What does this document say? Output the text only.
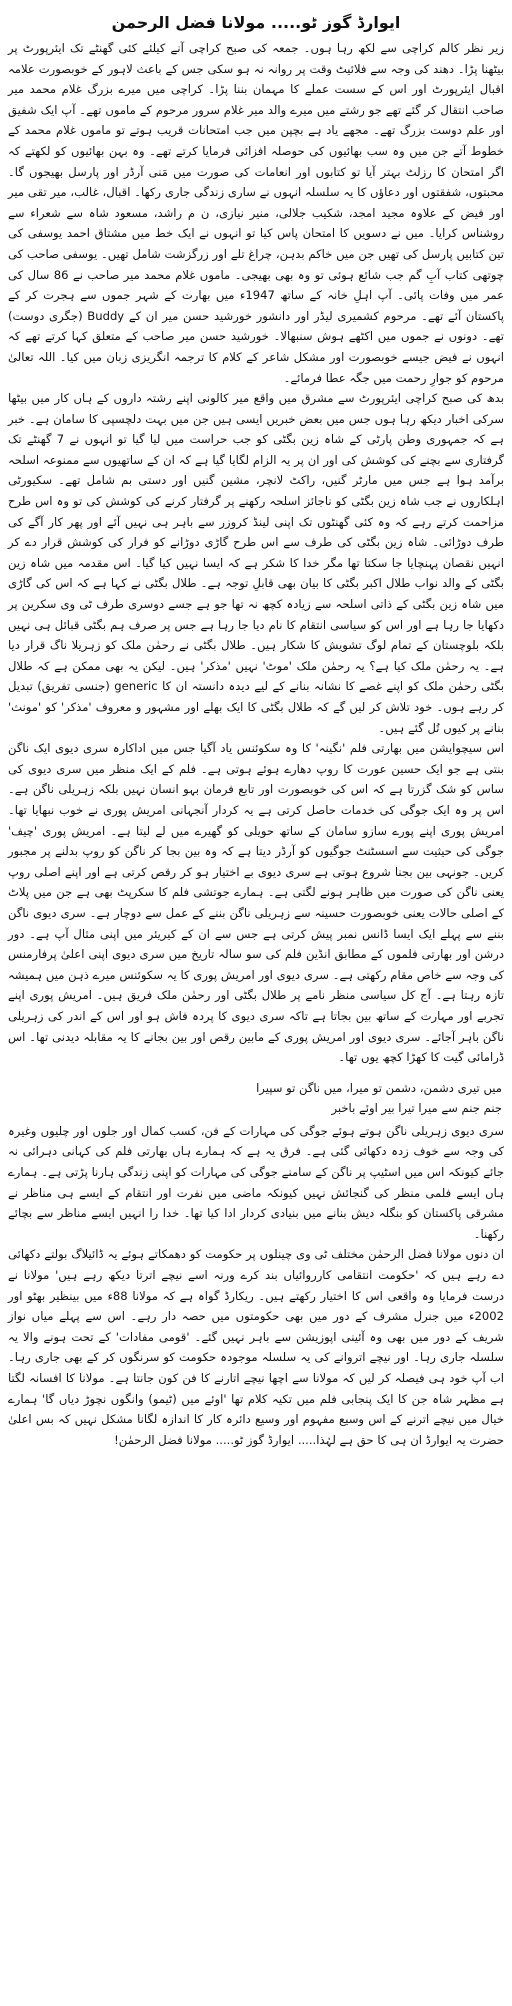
ایوارڈ گوز ٹو..... مولانا فضل الرحمن

زیر نظر کالم کراچی سے لکھ رہا ہوں۔ جمعہ کی صبح کراچی آنے کیلئے کئی گھنٹے تک ایئرپورٹ پر بیٹھنا پڑا۔ دھند کی وجہ سے فلائیٹ وقت پر روانہ نہ ہو سکی جس کے باعث لاہور کے خوبصورت علامہ اقبال ایئرپورٹ اور اس کے سست عملے کا مہمان بننا پڑا۔ کراچی میں میرے بزرگ غلام محمد میر صاحب انتقال کر گئے تھے جو رشتے میں میرے والد میر غلام سرور مرحوم کے ماموں تھے۔ آپ ایک شفیق اور علم دوست بزرگ تھے۔ مجھے یاد ہے بچپن میں جب امتحانات قریب ہوتے تو ماموں غلام محمد کے خطوط آتے جن میں وہ سب بھائیوں کی حوصلہ افزائی فرمایا کرتے تھے۔ وہ بہن بھائیوں کو لکھتے کہ اگر امتحان کا رزلٹ بہتر آیا تو کتابوں اور انعامات کی صورت میں مَنی آرڈر اور پارسل بھیجوں گا۔ محبتوں، شفقتوں اور دعاؤں کا یہ سلسلہ انہوں نے ساری زندگی جاری رکھا۔ اقبال، غالب، میر تقی میر اور فیض کے علاوہ مجید امجد، شکیب جلالی، منیر نیازی، ن م راشد، مسعود شاہ سے شعراء سے روشناس کرایا۔ میں نے دسویں کا امتحان پاس کیا تو انہوں نے ایک خط میں مشتاق احمد یوسفی کی تین کتابیں پارسل کی تھیں جن میں خاکم بدہن، چراغ تلے اور زرگزشت شامل تھیں۔ یوسفی صاحب کی چوتھی کتاب آبِ گم جب شائع ہوئی تو وہ بھی بھیجی۔ ماموں غلام محمد میر صاحب نے 86 سال کی عمر میں وفات پائی۔ آپ اہلِ خانہ کے ساتھ 1947ء میں بھارت کے شہر جموں سے ہجرت کر کے پاکستان آئے تھے۔ مرحوم کشمیری لیڈر اور دانشور خورشید حسن میر ان کے Buddy (جگری دوست) تھے۔ دونوں نے جموں میں اکٹھے ہوش سنبھالا۔ خورشید حسن میر صاحب کے متعلق کہا کرتے تھے کہ انہوں نے فیض جیسے خوبصورت اور مشکل شاعر کے کلام کا ترجمہ انگریزی زبان میں کیا۔ اللہ تعالیٰ مرحوم کو جوارِ رحمت میں جگہ عطا فرمائے۔

بدھ کی صبح کراچی ایئرپورٹ سے مشرق میں واقع میر کالونی اپنے رشتہ داروں کے ہاں کار میں بیٹھا سرکی اخبار دیکھ رہا ہوں جس میں بعض خبریں ایسی ہیں جن میں بہت دلچسپی کا سامان ہے۔ خبر ہے کہ جمہوری وطن پارٹی کے شاہ زین بگٹی کو جب حراست میں لیا گیا تو انہوں نے 7 گھنٹے تک گرفتاری سے بچنے کی کوشش کی اور ان پر یہ الزام لگایا گیا ہے کہ ان کے ساتھیوں سے ممنوعہ اسلحہ برآمد ہوا ہے جس میں مارٹر گنیں، راکٹ لانچر، مشین گنیں اور دستی بم شامل تھے۔ سکیورٹی اہلکاروں نے جب شاہ زین بگٹی کو ناجائز اسلحہ رکھنے پر گرفتار کرنے کی کوشش کی تو وہ اس طرح مزاحمت کرتے رہے کہ وہ کئی گھنٹوں تک اپنی لینڈ کروزر سے باہر ہی نہیں آئے اور پھر کار آگے کی طرف دوڑائی۔ شاہ زین بگٹی کی طرف سے اس طرح گاڑی دوڑانے کو فرار کی کوشش قرار دے کر انہیں نقصان پہنچایا جا سکتا تھا مگر خدا کا شکر ہے کہ ایسا نہیں کیا گیا۔ اس مقدمہ میں شاہ زین بگٹی کے والد نواب طلال اکبر بگٹی کا بیان بھی قابلِ توجہ ہے۔ طلال بگٹی نے کہا ہے کہ اس کی گاڑی میں شاہ زین بگٹی کے ذاتی اسلحہ سے زیادہ کچھ نہ تھا جو ہے جسے دوسری طرف ٹی وی سکرین پر دکھایا جا رہا ہے اور اس کو سیاسی انتقام کا نام دیا جا رہا ہے جس پر صرف ہم بگٹی قبائل ہی نہیں بلکہ بلوچستان کے تمام لوگ تشویش کا شکار ہیں۔ طلال بگٹی نے رحمٰن ملک کو زہریلا ناگ قرار دیا ہے۔ یہ رحمٰن ملک کیا ہے؟ یہ رحمٰن ملک 'موٹ' نہیں 'مذکر' ہیں۔ لیکن یہ بھی ممکن ہے کہ طلال بگٹی رحمٰن ملک کو اپنے غصے کا نشانہ بنانے کے لیے دیدہ دانستہ ان کا generic (جنسی تفریق) تبدیل کر رہے ہوں۔ خود تلاش کر لیں گے کہ طلال بگٹی کا ایک بھلے اور مشہور و معروف 'مذکر' کو 'مونث' بنانے پر کیوں تُل گئے ہیں۔

اس سیچوایشن میں بھارتی فلم 'نگینہ' کا وہ سکوئنس یاد آگیا جس میں اداکارہ سری دیوی ایک ناگن بنتی ہے جو ایک حسین عورت کا روپ دھارے ہوئے ہوتی ہے۔ فلم کے ایک منظر میں سری دیوی کی ساس کو شک گزرتا ہے کہ اس کی خوبصورت اور تابع فرمان بہو انسان نہیں بلکہ زہریلی ناگن ہے۔ اس پر وہ ایک جوگی کی خدمات حاصل کرتی ہے یہ کردار آنجہانی امریش پوری نے خوب نبھایا تھا۔ امریش پوری اپنے پورے سازو سامان کے ساتھ حویلی کو گھیرے میں لے لیتا ہے۔ امریش پوری 'چیف' جوگی کی حیثیت سے اسسٹنٹ جوگیوں کو آرڈر دیتا ہے کہ وہ بین بجا کر ناگن کو روپ بدلنے پر مجبور کریں۔ جونہی بین بجنا شروع ہوتی ہے سری دیوی بے اختیار ہو کر رقص کرتی ہے اور اپنے اصلی روپ یعنی ناگن کی صورت میں ظاہر ہونے لگتی ہے۔ ہمارے جوتشی فلم کا سکرپٹ بھی ہے جن میں پلاٹ کے اصلی حالات یعنی خوبصورت حسینہ سے زہریلی ناگن بننے کے عمل سے دوچار ہے۔ سری دیوی ناگن بننے سے پہلے ایک ایسا ڈانس نمبر پیش کرتی ہے جس سے ان کے کیریئر میں اپنی مثال آپ ہے۔ دور درشن اور بھارتی فلموں کے مطابق انڈین فلم کی سو سالہ تاریخ میں سری دیوی اپنی اعلیٰ پرفارمنس کی وجہ سے خاص مقام رکھتی ہے۔ سری دیوی اور امریش پوری کا یہ سکوئنس میرے ذہن میں ہمیشہ تازہ رہتا ہے۔ آج کل سیاسی منظر نامے پر طلال بگٹی اور رحمٰن ملک فریق ہیں۔ امریش پوری اپنے تجربے اور مہارت کے ساتھ بین بجاتا ہے تاکہ سری دیوی کا پردہ فاش ہو اور اس کے اندر کی زہریلی ناگن باہر آجائے۔ سری دیوی اور امریش پوری کے مابین رقص اور بین بجانے کا یہ مقابلہ دیدنی تھا۔ اس ڈرامائی گیت کا کھڑا کچھ یوں تھا۔

میں تیری دشمن، دشمن تو میرا، میں ناگن تو سپیرا
جنم جنم سے میرا تیرا بیر اوئے باخبر

سری دیوی زہریلی ناگن ہوتے ہوئے جوگی کی مہارات کے فن، کسب کمال اور جلوں اور چلیوں وغیرہ کی وجہ سے خوف زدہ دکھائی گئی ہے۔ فرق یہ ہے کہ ہمارے ہاں بھارتی فلم کی کہانی دہرائی نہ جائے کیونکہ اس میں اسٹیپ پر ناگن کے سامنے جوگی کی مہارات کو اپنی زندگی ہارنا پڑتی ہے۔ ہمارے ہاں ایسے فلمی منظر کی گنجائش نہیں کیونکہ ماضی میں نفرت اور انتقام کے ایسے ہی مناظر نے مشرقی پاکستان کو بنگلہ دیش بنانے میں بنیادی کردار ادا کیا تھا۔ خدا را انہیں ایسے مناظر سے بچائے رکھنا۔

ان دنوں مولانا فضل الرحمٰن مختلف ٹی وی چینلوں پر حکومت کو دھمکاتے ہوئے یہ ڈائیلاگ بولتے دکھائی دے رہے ہیں کہ 'حکومت انتقامی کارروائیاں بند کرے ورنہ اسے نیچے اترتا دیکھ رہے ہیں' مولانا نے درست فرمایا وہ واقعی اس کا اختیار رکھتے ہیں۔ ریکارڈ گواہ ہے کہ مولانا 88ء میں بینظیر بھٹو اور 2002ء میں جنرل مشرف کے دور میں بھی حکومتوں میں حصہ دار رہے۔ اس سے پہلے میاں نواز شریف کے دور میں بھی وہ آئینی اپوزیشن سے باہر نہیں گئے۔ 'قومی مفادات' کے تحت ہونے والا یہ سلسلہ جاری رہا۔ اور نیچے اتروانے کی یہ سلسلہ موجودہ حکومت کو سرنگوں کر کے بھی جاری رہا۔ اب آپ خود ہی فیصلہ کر لیں کہ مولانا سے اچھا نیچے اتارنے کا فن کون جانتا ہے۔ مولانا کا افسانہ لگتا ہے مظہر شاہ جن کا ایک پنجابی فلم میں تکیہ کلام تھا 'اوئے میں (ٹیمو) وانگوں نچوڑ دیاں گا' ہمارے خیال میں نیچے اترنے کے اس وسیع مفہوم اور وسیع دائرہ کار کا اندازہ لگانا مشکل نہیں کہ بس اعلیٰ حضرت یہ ایوارڈ ان ہی کا حق ہے لہٰذا..... ایوارڈ گوز ٹو..... مولانا فضل الرحمٰن!
